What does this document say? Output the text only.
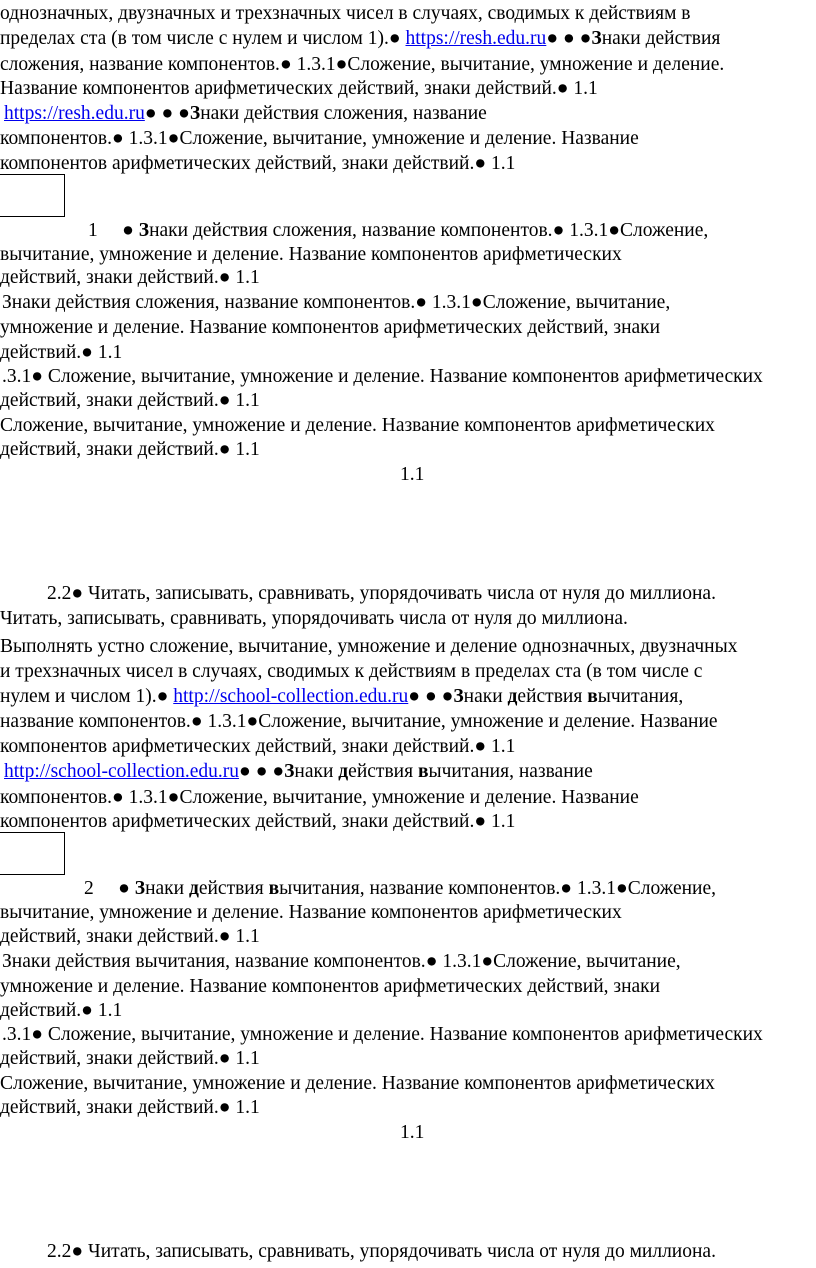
однозначных, двузначных и трехзначных чисел в случаях, сводимых к действиям в
пределах ста (в том числе с нулем и числом 1).● https://resh.edu.ru● ● ●Знаки действия
сложения, название компонентов.● 1.3.1●Сложение, вычитание, умножение и деление.
Название компонентов арифметических действий, знаки действий.● 1.1
https://resh.edu.ru● ● ●Знаки действия сложения, название
компонентов.● 1.3.1●Сложение, вычитание, умножение и деление. Название
компонентов арифметических действий, знаки действий.● 1.1
1 ● Знаки действия сложения, название компонентов.● 1.3.1●Сложение,
вычитание, умножение и деление. Название компонентов арифметических
действий, знаки действий.● 1.1
Знаки действия сложения, название компонентов.● 1.3.1●Сложение, вычитание,
умножение и деление. Название компонентов арифметических действий, знаки
действий.● 1.1
.3.1● Сложение, вычитание, умножение и деление. Название компонентов арифметических
действий, знаки действий.● 1.1
Сложение, вычитание, умножение и деление. Название компонентов арифметических
действий, знаки действий.● 1.1
1.1
2.2● Читать, записывать, сравнивать, упорядочивать числа от нуля до миллиона.
Читать, записывать, сравнивать, упорядочивать числа от нуля до миллиона.
Выполнять устно сложение, вычитание, умножение и деление однозначных, двузначных
и трехзначных чисел в случаях, сводимых к действиям в пределах ста (в том числе с
нулем и числом 1).● http://school-collection.edu.ru● ● ●Знаки действия вычитания,
название компонентов.● 1.3.1●Сложение, вычитание, умножение и деление. Название
компонентов арифметических действий, знаки действий.● 1.1
http://school-collection.edu.ru● ● ●Знаки действия вычитания, название
компонентов.● 1.3.1●Сложение, вычитание, умножение и деление. Название
компонентов арифметических действий, знаки действий.● 1.1
2 ● Знаки действия вычитания, название компонентов.● 1.3.1●Сложение,
вычитание, умножение и деление. Название компонентов арифметических
действий, знаки действий.● 1.1
Знаки действия вычитания, название компонентов.● 1.3.1●Сложение, вычитание,
умножение и деление. Название компонентов арифметических действий, знаки
действий.● 1.1
.3.1● Сложение, вычитание, умножение и деление. Название компонентов арифметических
действий, знаки действий.● 1.1
Сложение, вычитание, умножение и деление. Название компонентов арифметических
действий, знаки действий.● 1.1
1.1
2.2● Читать, записывать, сравнивать, упорядочивать числа от нуля до миллиона.
